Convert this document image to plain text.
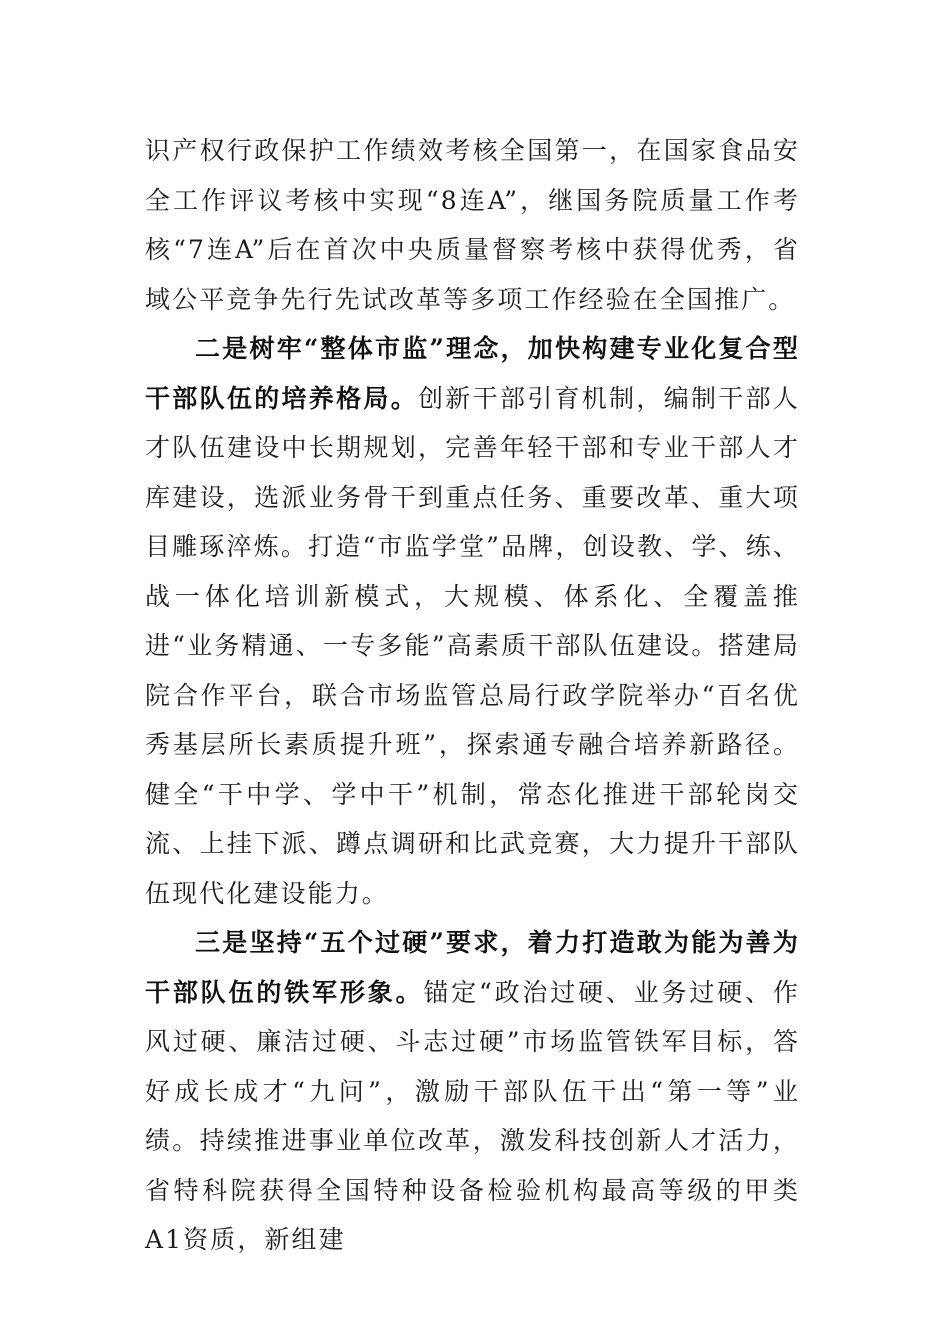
识产权行政保护工作绩效考核全国第一，在国家食品安全工作评议考核中实现“8连A”，继国务院质量工作考核“7连A”后在首次中央质量督察考核中获得优秀，省域公平竞争先行先试改革等多项工作经验在全国推广。

二是树牢“整体市监”理念，加快构建专业化复合型干部队伍的培养格局。创新干部引育机制，编制干部人才队伍建设中长期规划，完善年轻干部和专业干部人才库建设，选派业务骨干到重点任务、重要改革、重大项目雕琢淬炼。打造“市监学堂”品牌，创设教、学、练、战一体化培训新模式，大规模、体系化、全覆盖推进“业务精通、一专多能”高素质干部队伍建设。搭建局院合作平台，联合市场监管总局行政学院举办“百名优秀基层所长素质提升班”，探索通专融合培养新路径。健全“干中学、学中干”机制，常态化推进干部轮岗交流、上挂下派、蹲点调研和比武竞赛，大力提升干部队伍现代化建设能力。

三是坚持“五个过硬”要求，着力打造敢为能为善为干部队伍的铁军形象。锚定“政治过硬、业务过硬、作风过硬、廉洁过硬、斗志过硬”市场监管铁军目标，答好成长成才“九问”，激励干部队伍干出“第一等”业绩。持续推进事业单位改革，激发科技创新人才活力，省特科院获得全国特种设备检验机构最高等级的甲类A1资质，新组建
